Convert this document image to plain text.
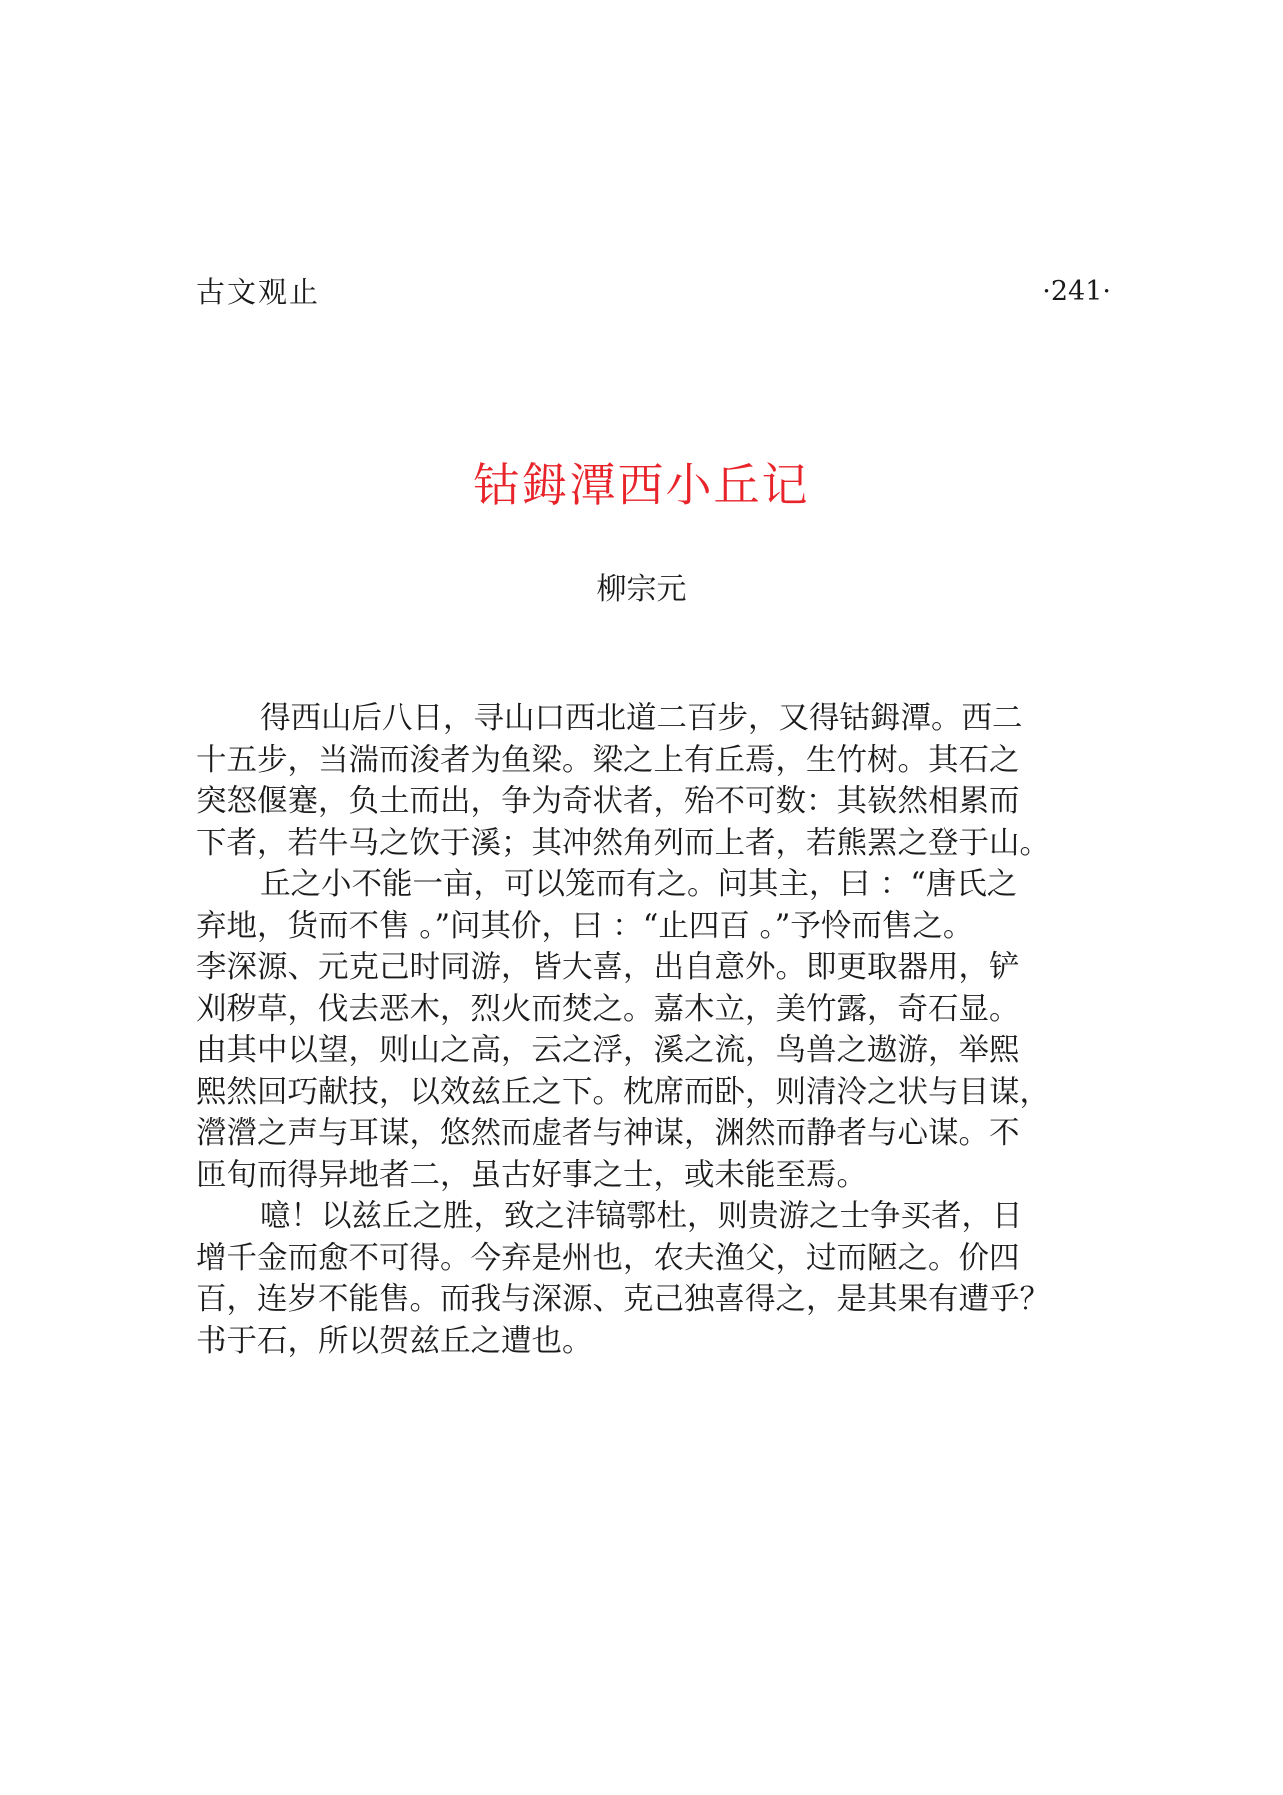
古文观止	·241·
钴鉧潭西小丘记
柳宗元
得西山后八日，寻山口西北道二百步，又得钴鉧潭。西二
十五步，当湍而浚者为鱼梁。梁之上有丘焉，生竹树。其石之
突怒偃蹇，负土而出，争为奇状者，殆不可数：其嵚然相累而
下者，若牛马之饮于溪；其冲然角列而上者，若熊罴之登于山。
丘之小不能一亩，可以笼而有之。问其主，曰 ：“唐氏之
弃地，货而不售 。”问其价，曰 ：“止四百 。”予怜而售之。
李深源、元克己时同游，皆大喜，出自意外。即更取器用，铲
刈秽草，伐去恶木，烈火而焚之。嘉木立，美竹露，奇石显。
由其中以望，则山之高，云之浮，溪之流，鸟兽之遨游，举熙
熙然回巧献技，以效兹丘之下。枕席而卧，则清泠之状与目谋，
瀯瀯之声与耳谋，悠然而虚者与神谋，渊然而静者与心谋。不
匝旬而得异地者二，虽古好事之士，或未能至焉。
噫！以兹丘之胜，致之沣镐鄠杜，则贵游之士争买者，日
增千金而愈不可得。今弃是州也，农夫渔父，过而陋之。价四
百，连岁不能售。而我与深源、克己独喜得之，是其果有遭乎？
书于石，所以贺兹丘之遭也。
